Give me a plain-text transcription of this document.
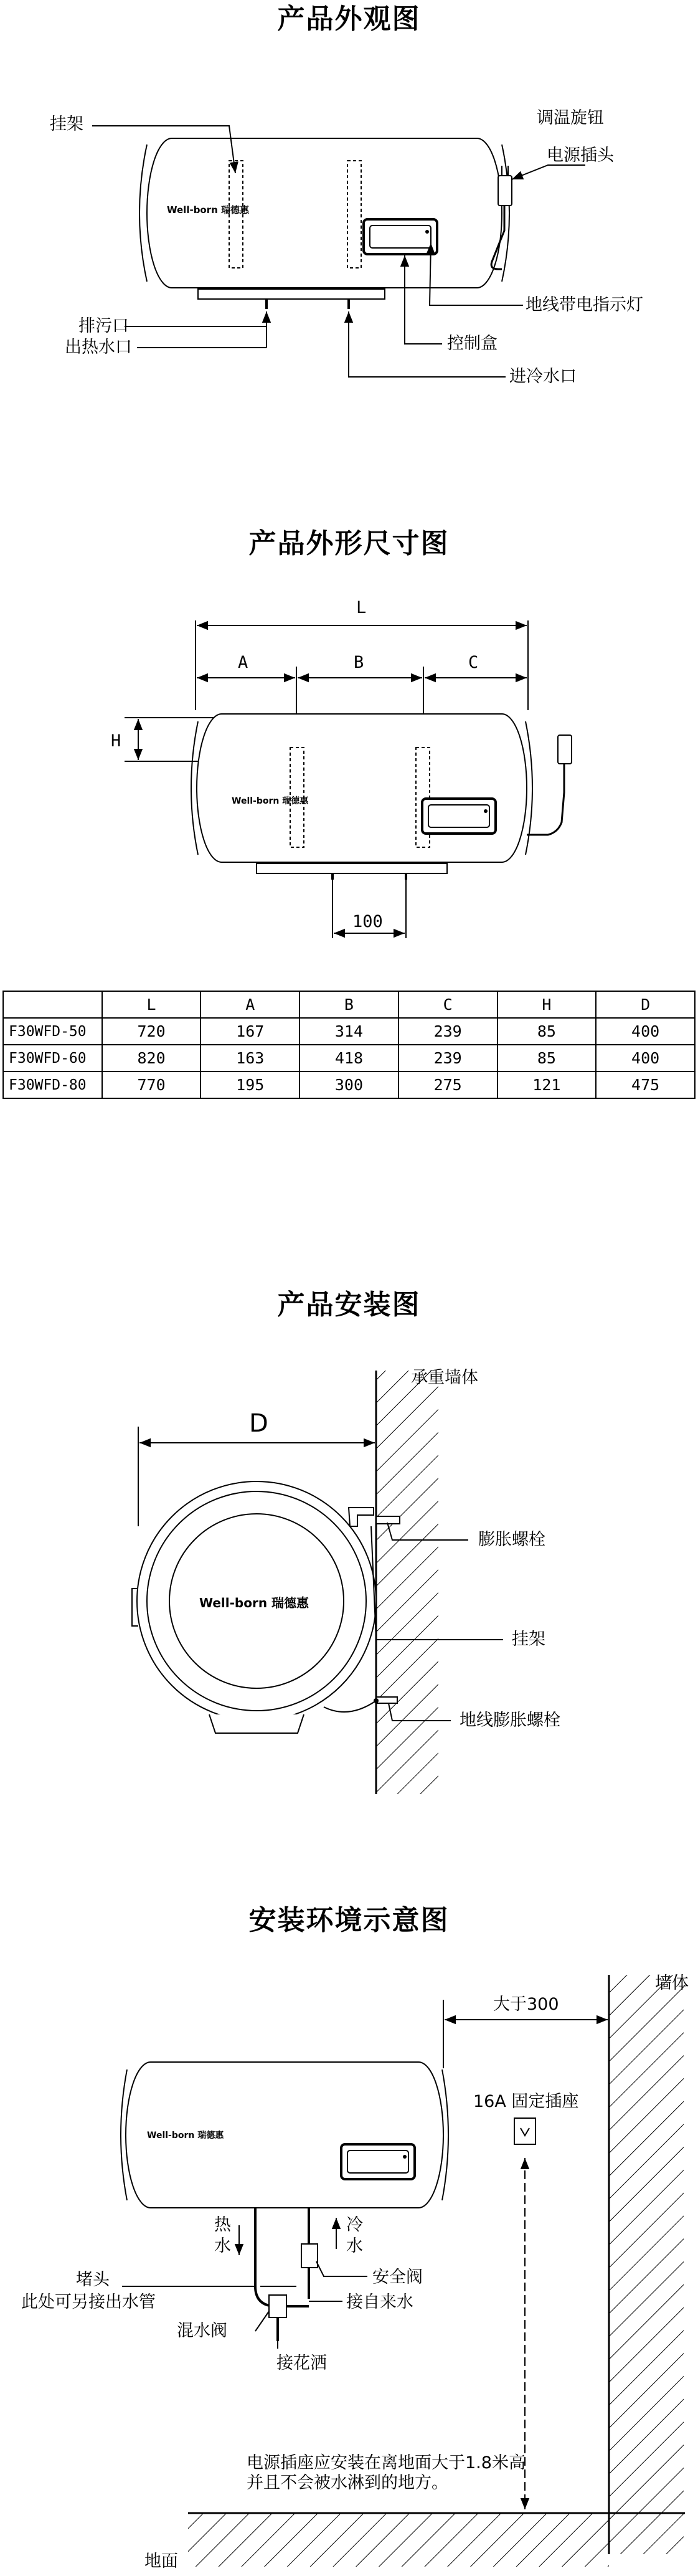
产品外观图
Well-born 瑞德惠
挂架	调温旋钮
电源插头
地线带电指示灯
控制盒
排污口
出热水口
进冷水口
产品外形尺寸图
L
A	B	C
H
Well-born 瑞德惠
100
	L	A	B	C	H	D
F30WFD-50	720	167	314	239	85	400
F30WFD-60	820	163	418	239	85	400
F30WFD-80	770	195	300	275	121	475
产品安装图
承重墙体
D
Well-born 瑞德惠
膨胀螺栓
挂架
地线膨胀螺栓
安装环境示意图
墙体
大于300
Well-born 瑞德惠
16A 固定插座
热
水
冷
水
堵头
此处可另接出水管
安全阀
接自来水
混水阀
接花洒
电源插座应安装在离地面大于1.8米高
并且不会被水淋到的地方。
地面
